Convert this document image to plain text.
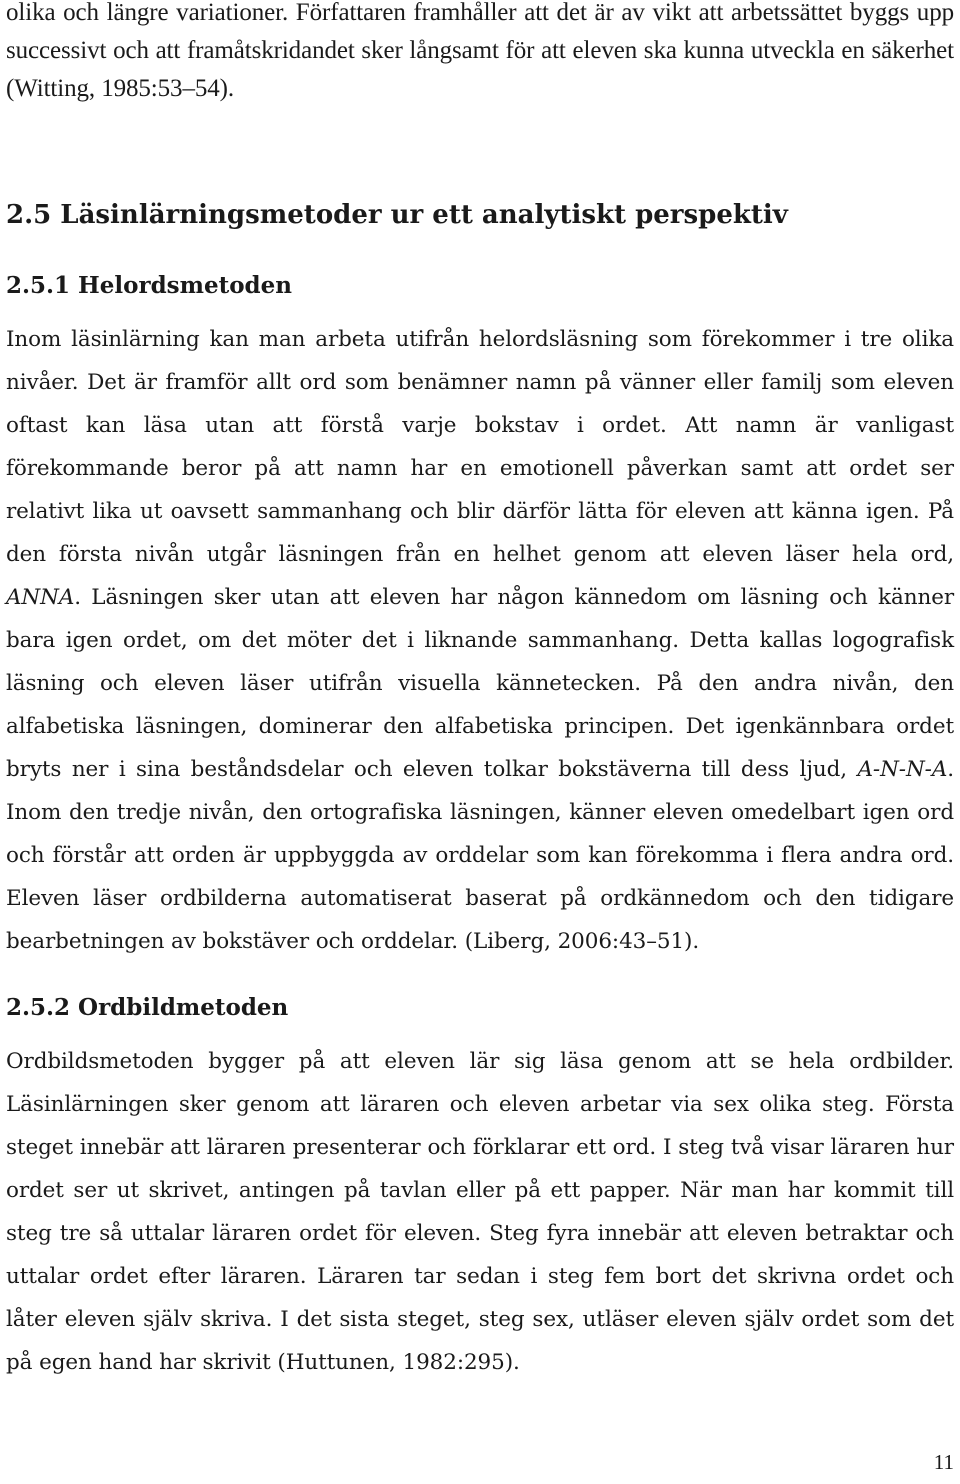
olika och längre variationer. Författaren framhåller att det är av vikt att arbetssättet byggs upp successivt och att framåtskridandet sker långsamt för att eleven ska kunna utveckla en säkerhet (Witting, 1985:53–54).

2.5 Läsinlärningsmetoder ur ett analytiskt perspektiv
2.5.1 Helordsmetoden

Inom läsinlärning kan man arbeta utifrån helordsläsning som förekommer i tre olika nivåer. Det är framför allt ord som benämner namn på vänner eller familj som eleven oftast kan läsa utan att förstå varje bokstav i ordet. Att namn är vanligast förekommande beror på att namn har en emotionell påverkan samt att ordet ser relativt lika ut oavsett sammanhang och blir därför lätta för eleven att känna igen. På den första nivån utgår läsningen från en helhet genom att eleven läser hela ord, ANNA. Läsningen sker utan att eleven har någon kännedom om läsning och känner bara igen ordet, om det möter det i liknande sammanhang. Detta kallas logografisk läsning och eleven läser utifrån visuella kännetecken. På den andra nivån, den alfabetiska läsningen, dominerar den alfabetiska principen. Det igenkännbara ordet bryts ner i sina beståndsdelar och eleven tolkar bokstäverna till dess ljud, A-N-N-A. Inom den tredje nivån, den ortografiska läsningen, känner eleven omedelbart igen ord och förstår att orden är uppbyggda av orddelar som kan förekomma i flera andra ord. Eleven läser ordbilderna automatiserat baserat på ordkännedom och den tidigare bearbetningen av bokstäver och orddelar. (Liberg, 2006:43–51).

2.5.2 Ordbildmetoden

Ordbildsmetoden bygger på att eleven lär sig läsa genom att se hela ordbilder. Läsinlärningen sker genom att läraren och eleven arbetar via sex olika steg. Första steget innebär att läraren presenterar och förklarar ett ord. I steg två visar läraren hur ordet ser ut skrivet, antingen på tavlan eller på ett papper. När man har kommit till steg tre så uttalar läraren ordet för eleven. Steg fyra innebär att eleven betraktar och uttalar ordet efter läraren. Läraren tar sedan i steg fem bort det skrivna ordet och låter eleven själv skriva. I det sista steget, steg sex, utläser eleven själv ordet som det på egen hand har skrivit (Huttunen, 1982:295).

11
